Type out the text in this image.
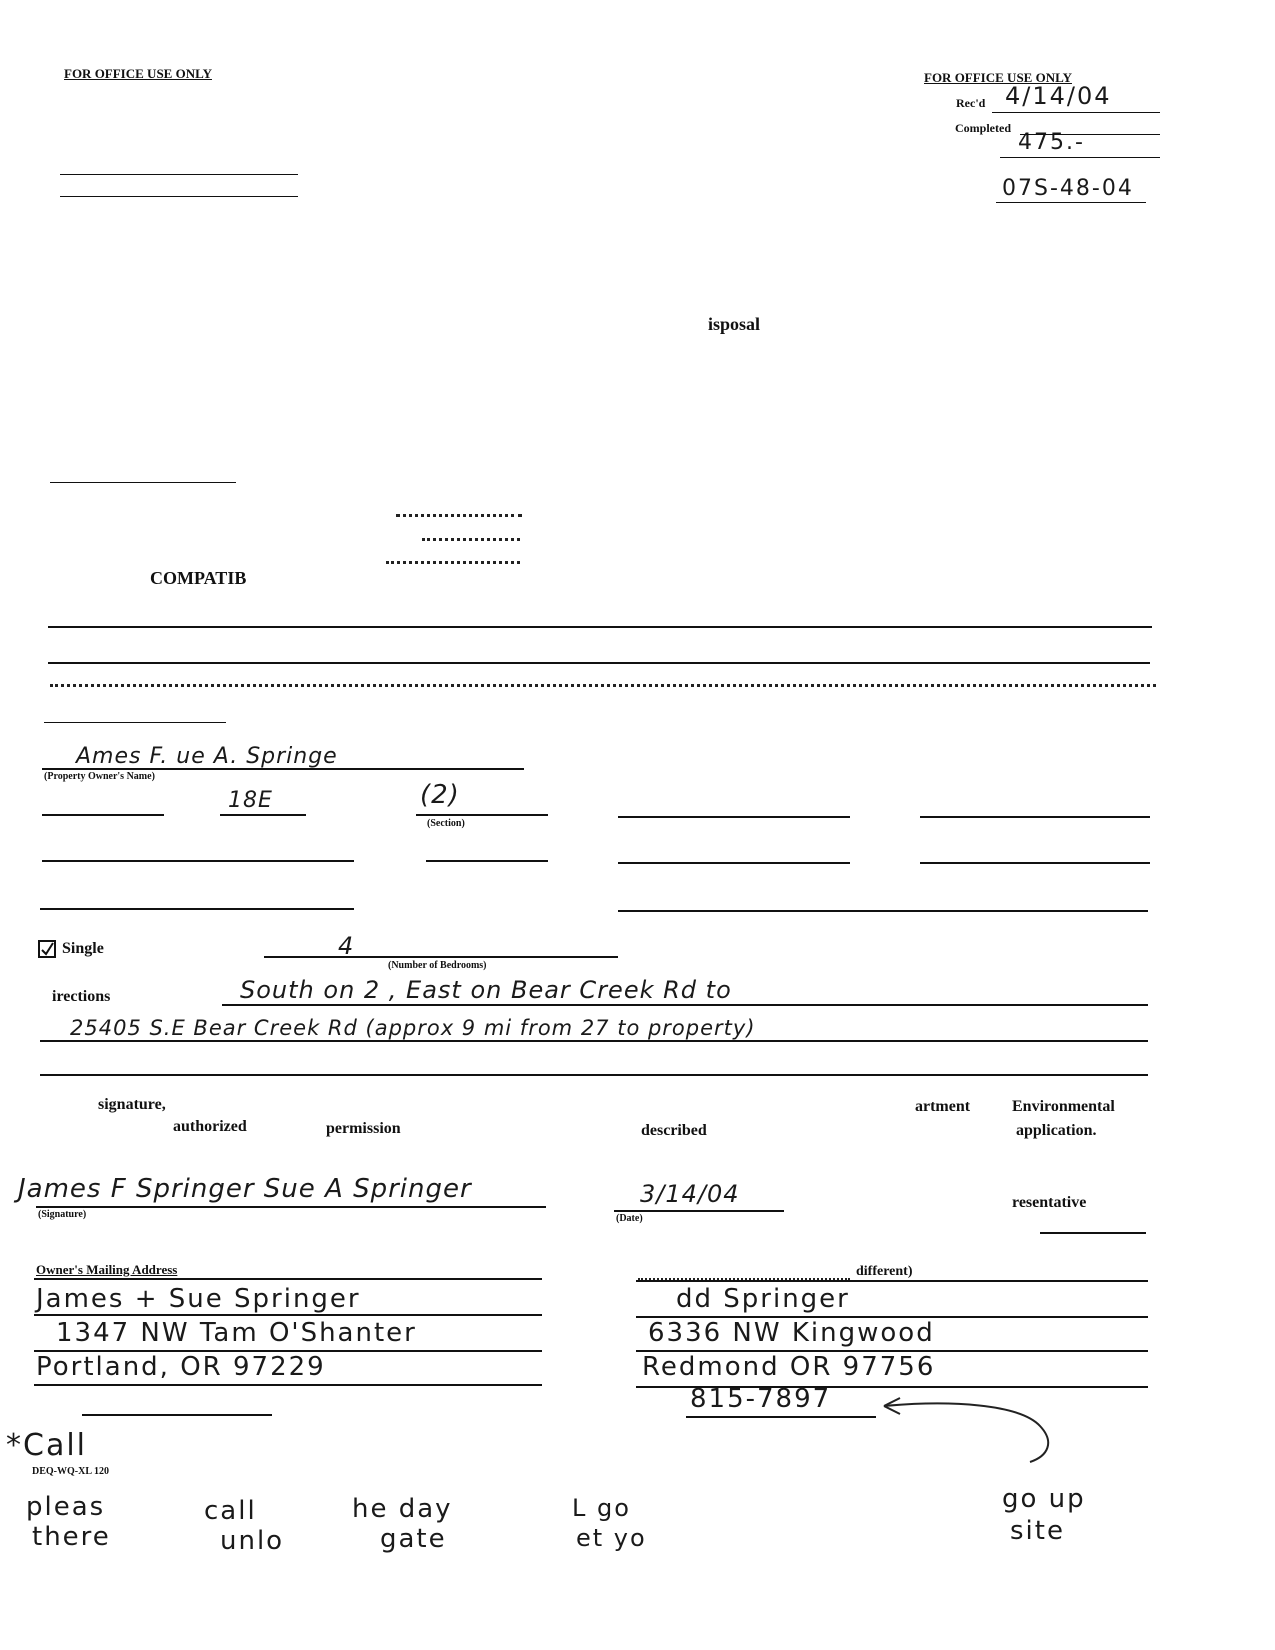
FOR OFFICE USE ONLY	FOR OFFICE USE ONLY
Rec'd 4/14/04
Completed
475.-
07S-48-04
isposal
COMPATIB
Ames F. ue A. Springe
(Property Owner's Name)
18E	(2)
(Section)
Single	4
(Number of Bedrooms)
irections	South on 2 , East on Bear Creek Rd to
25405 S.E Bear Creek Rd (approx 9 mi from 27 to property)
signature,
authorized	permission	described
artment	Environmental
application.
James F Springer Sue A Springer
(Signature)
3/14/04
(Date)
resentative
Owner's Mailing Address
James + Sue Springer
1347 NW Tam O'Shanter
Portland, OR 97229
different)
dd Springer
6336 NW Kingwood
Redmond OR 97756
815-7897
*Call
DEQ-WQ-XL 120
pleas
there
call
unlo
he day
gate
L go
et yo
go up
site
